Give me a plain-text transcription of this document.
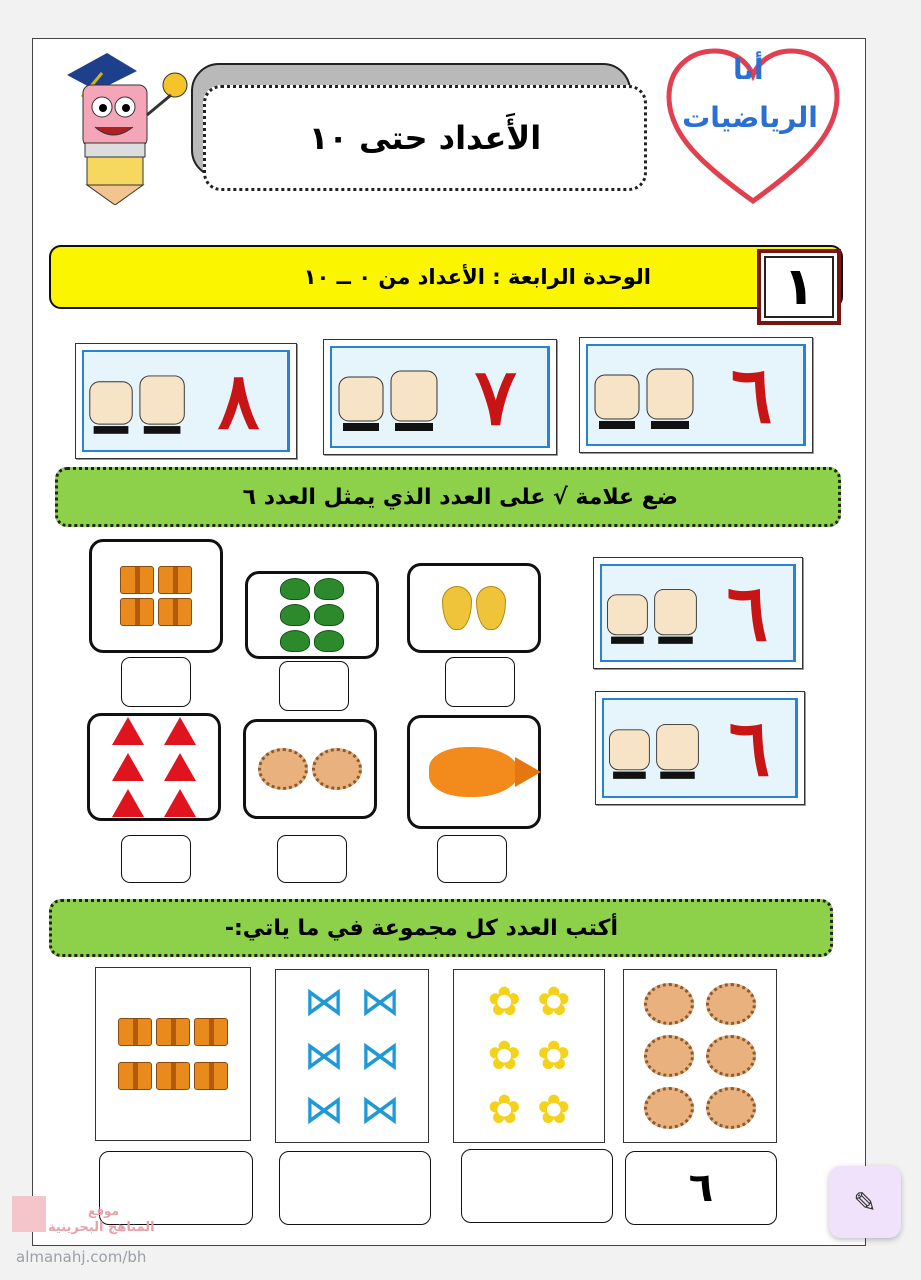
الأَعداد حتى ١٠
أنا
الرياضيات
الوحدة الرابعة : الأعداد من ٠ ــ ١٠	١
٦
٧
٨
ضع علامة √ على العدد الذي يمثل العدد ٦
٦
٦
أكتب العدد كل مجموعة في ما ياتي:-
✿ ✿
✿ ✿
✿ ✿
⋈ ⋈
⋈ ⋈
⋈ ⋈
٦
موقع
المناهج البحرينية
almanahj.com/bh
✎
